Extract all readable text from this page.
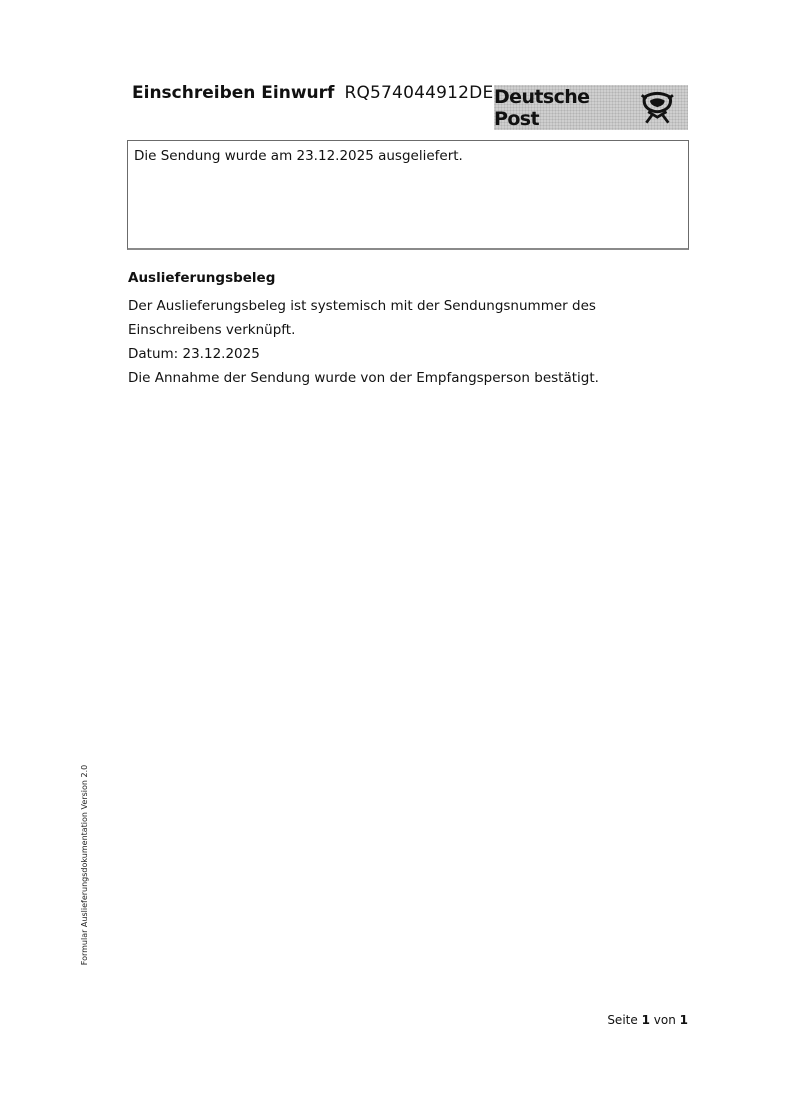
Einschreiben Einwurf RQ574044912DE Deutsche Post
Die Sendung wurde am 23.12.2025 ausgeliefert.
Auslieferungsbeleg

Der Auslieferungsbeleg ist systemisch mit der Sendungsnummer des Einschreibens verknüpft.

Datum: 23.12.2025

Die Annahme der Sendung wurde von der Empfangsperson bestätigt.

Formular Auslieferungsdokumentation Version 2.0
Seite 1 von 1
